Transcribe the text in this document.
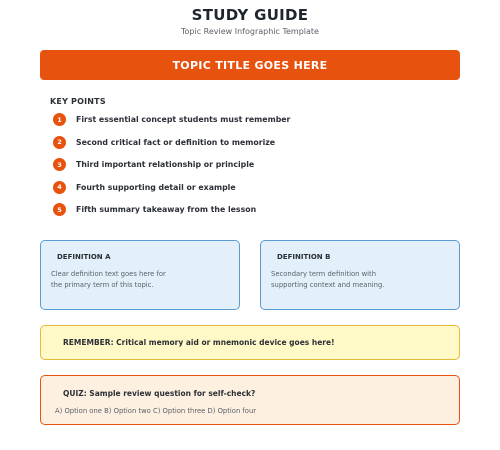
STUDY GUIDE
Topic Review Infographic Template
TOPIC TITLE GOES HERE
KEY POINTS
1	First essential concept students must remember
2	Second critical fact or definition to memorize
3	Third important relationship or principle
4	Fourth supporting detail or example
5	Fifth summary takeaway from the lesson
DEFINITION A
Clear definition text goes here for
the primary term of this topic.
DEFINITION B
Secondary term definition with
supporting context and meaning.
REMEMBER: Critical memory aid or mnemonic device goes here!
QUIZ: Sample review question for self-check?
A) Option one B) Option two C) Option three D) Option four
